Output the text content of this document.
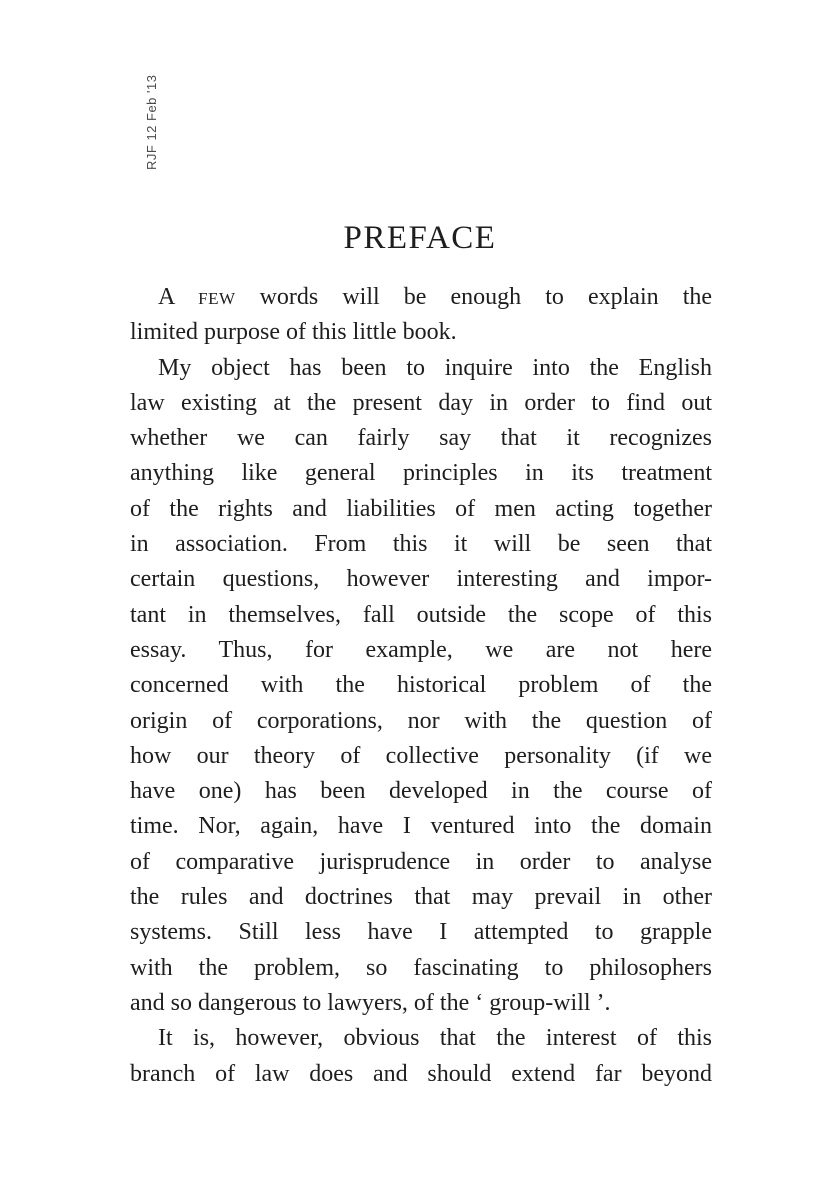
RJF 12 Feb '13
PREFACE
A few words will be enough to explain the
limited purpose of this little book.
My object has been to inquire into the English
law existing at the present day in order to find out
whether we can fairly say that it recognizes
anything like general principles in its treatment
of the rights and liabilities of men acting together
in association. From this it will be seen that
certain questions, however interesting and impor-
tant in themselves, fall outside the scope of this
essay. Thus, for example, we are not here
concerned with the historical problem of the
origin of corporations, nor with the question of
how our theory of collective personality (if we
have one) has been developed in the course of
time. Nor, again, have I ventured into the domain
of comparative jurisprudence in order to analyse
the rules and doctrines that may prevail in other
systems. Still less have I attempted to grapple
with the problem, so fascinating to philosophers
and so dangerous to lawyers, of the ‘ group-will ’.
It is, however, obvious that the interest of this
branch of law does and should extend far beyond
